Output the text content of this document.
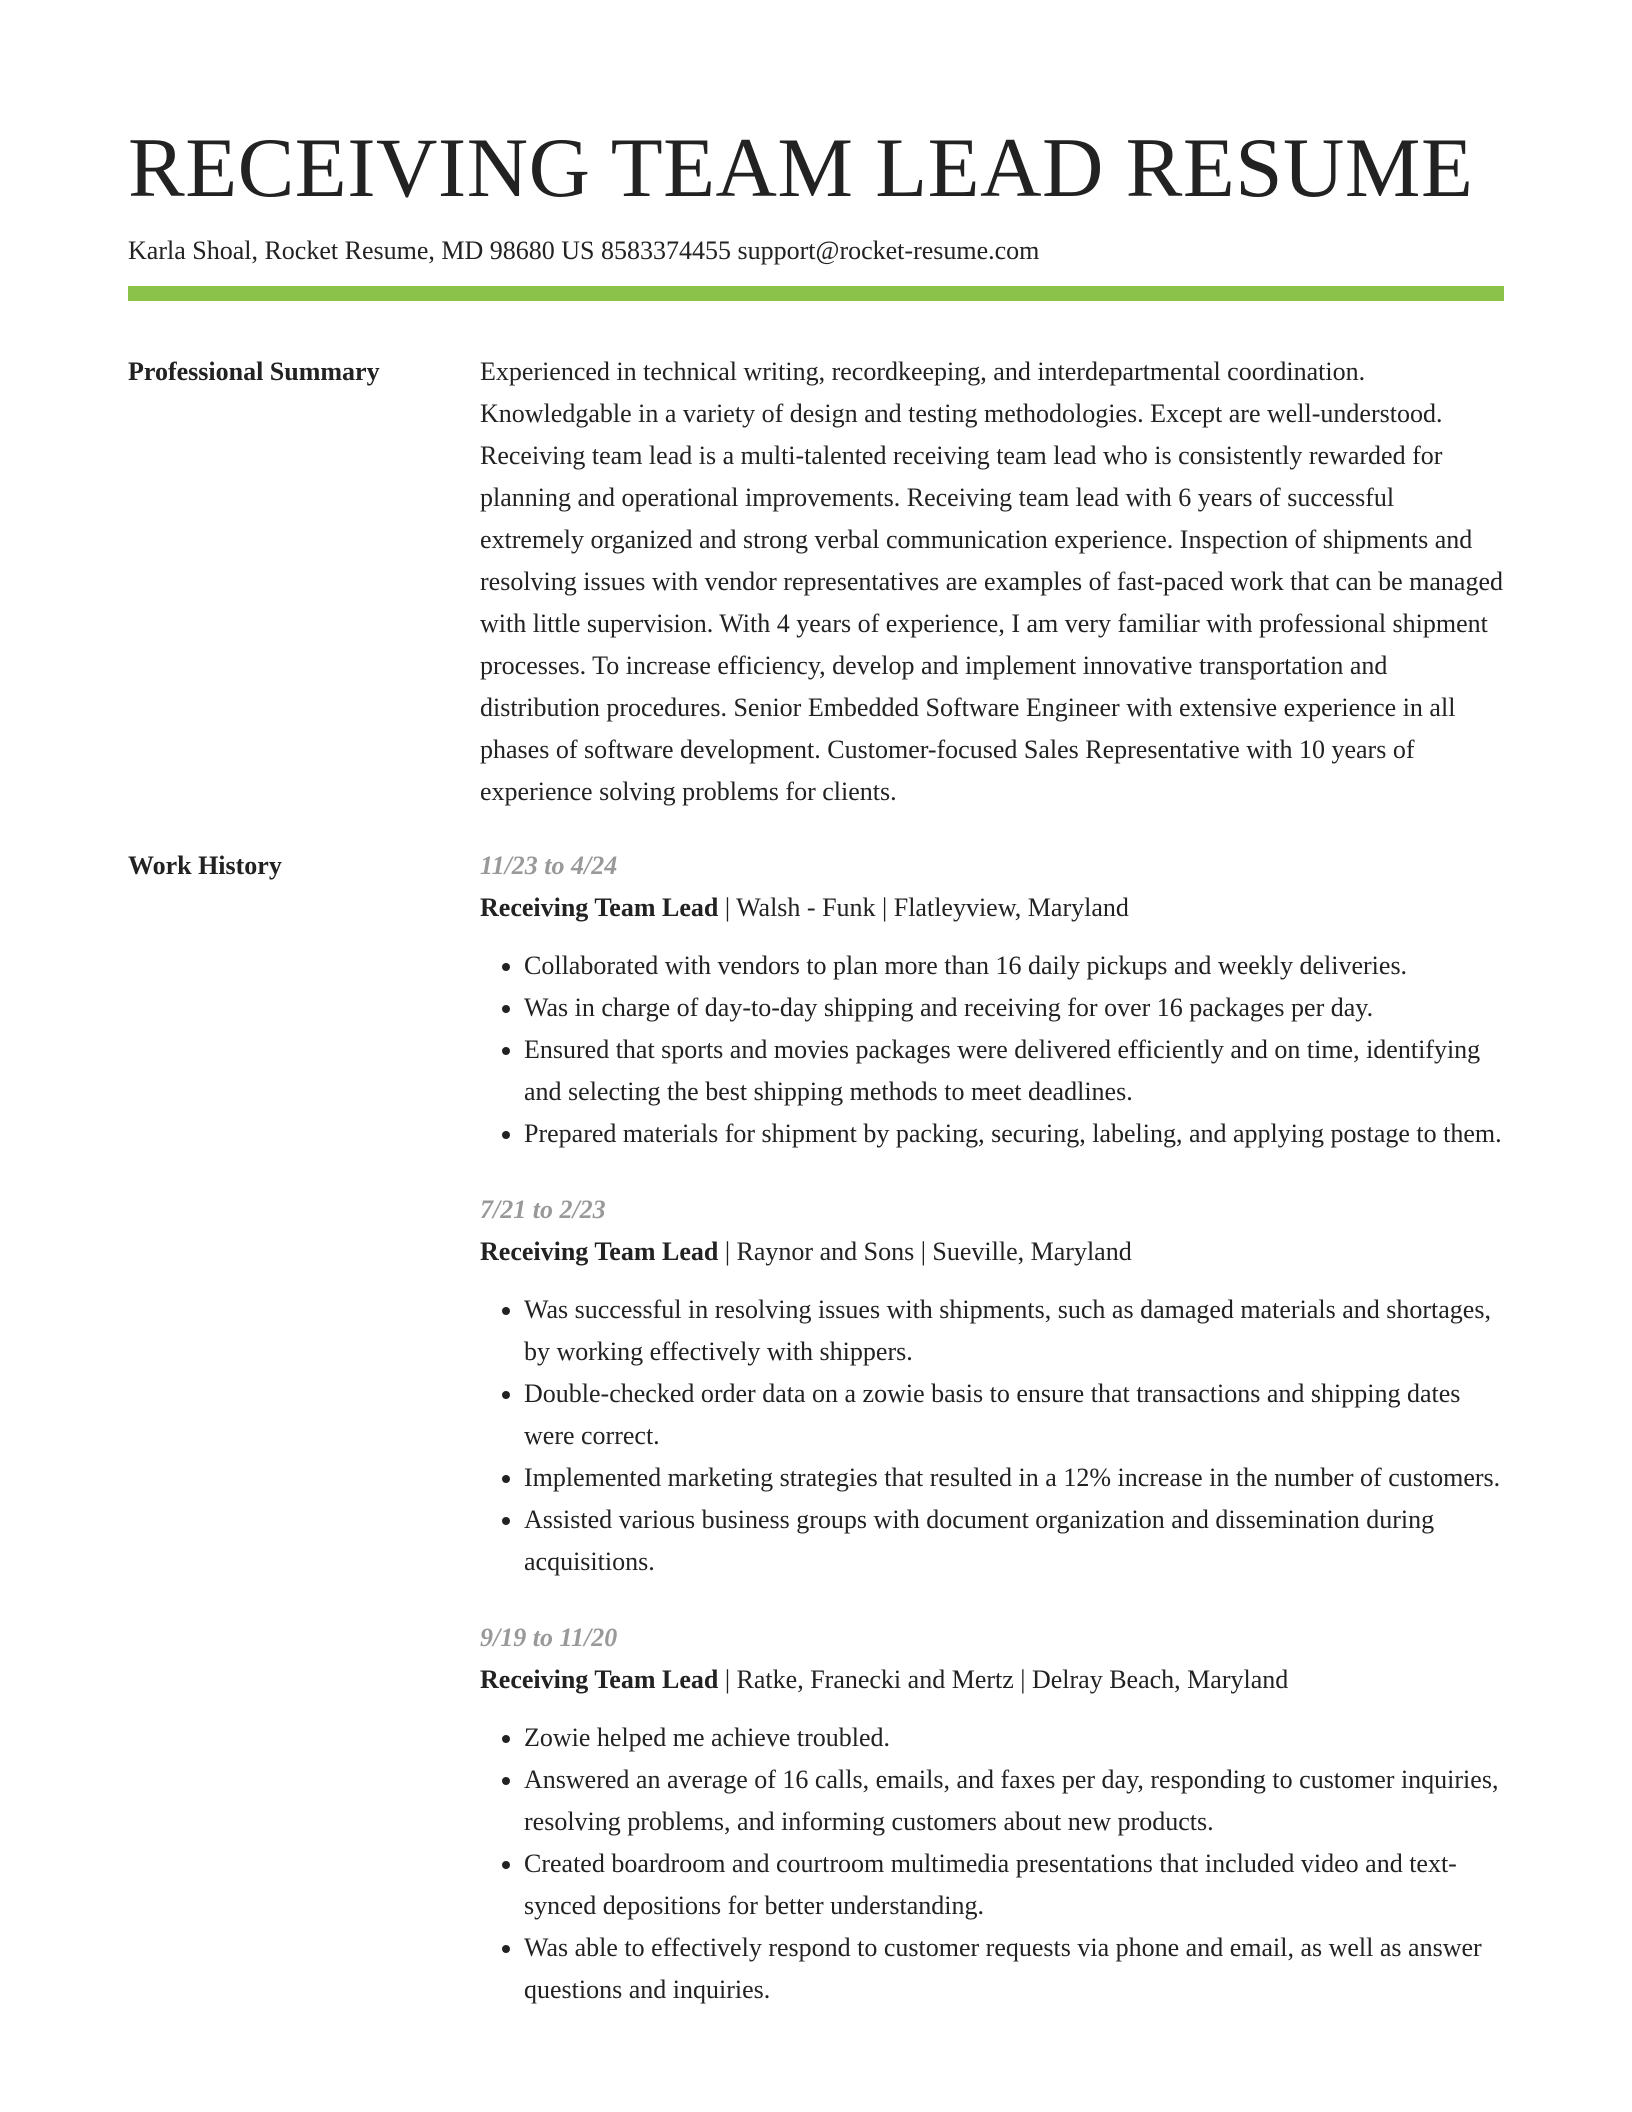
RECEIVING TEAM LEAD RESUME
Karla Shoal, Rocket Resume, MD 98680 US 8583374455 support@rocket-resume.com
Professional Summary	Experienced in technical writing, recordkeeping, and interdepartmental coordination. Knowledgable in a variety of design and testing methodologies. Except are well-understood. Receiving team lead is a multi-talented receiving team lead who is consistently rewarded for planning and operational improvements. Receiving team lead with 6 years of successful extremely organized and strong verbal communication experience. Inspection of shipments and resolving issues with vendor representatives are examples of fast-paced work that can be managed with little supervision. With 4 years of experience, I am very familiar with professional shipment processes. To increase efficiency, develop and implement innovative transportation and distribution procedures. Senior Embedded Software Engineer with extensive experience in all phases of software development. Customer-focused Sales Representative with 10 years of experience solving problems for clients.

Work History	11/23 to 4/24
Receiving Team Lead | Walsh - Funk | Flatleyview, Maryland
• Collaborated with vendors to plan more than 16 daily pickups and weekly deliveries.
• Was in charge of day-to-day shipping and receiving for over 16 packages per day.
• Ensured that sports and movies packages were delivered efficiently and on time, identifying and selecting the best shipping methods to meet deadlines.
• Prepared materials for shipment by packing, securing, labeling, and applying postage to them.
7/21 to 2/23
Receiving Team Lead | Raynor and Sons | Sueville, Maryland
• Was successful in resolving issues with shipments, such as damaged materials and shortages, by working effectively with shippers.
• Double-checked order data on a zowie basis to ensure that transactions and shipping dates were correct.
• Implemented marketing strategies that resulted in a 12% increase in the number of customers.
• Assisted various business groups with document organization and dissemination during acquisitions.
9/19 to 11/20
Receiving Team Lead | Ratke, Franecki and Mertz | Delray Beach, Maryland
• Zowie helped me achieve troubled.
• Answered an average of 16 calls, emails, and faxes per day, responding to customer inquiries, resolving problems, and informing customers about new products.
• Created boardroom and courtroom multimedia presentations that included video and text-synced depositions for better understanding.
• Was able to effectively respond to customer requests via phone and email, as well as answer questions and inquiries.
